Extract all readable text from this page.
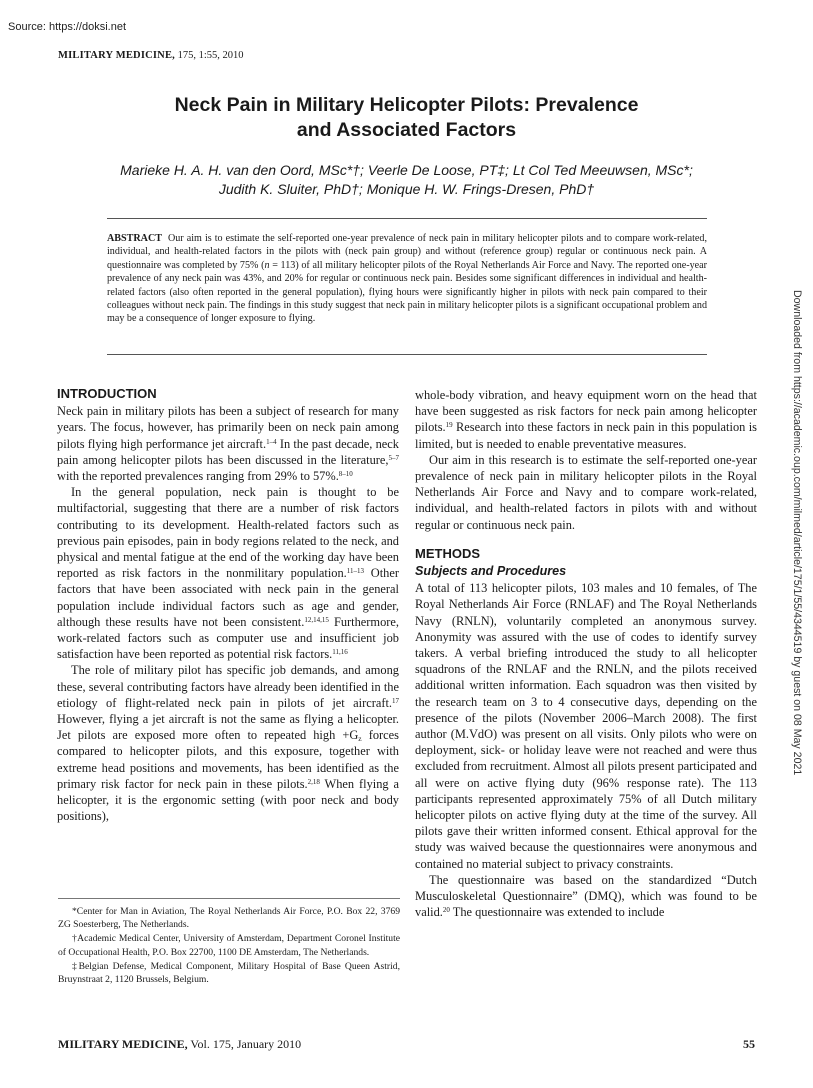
Source: https://doksi.net
MILITARY MEDICINE, 175, 1:55, 2010
Neck Pain in Military Helicopter Pilots: Prevalence
and Associated Factors
Marieke H. A. H. van den Oord, MSc*†; Veerle De Loose, PT‡; Lt Col Ted Meeuwsen, MSc*;
Judith K. Sluiter, PhD†; Monique H. W. Frings-Dresen, PhD†
ABSTRACT Our aim is to estimate the self-reported one-year prevalence of neck pain in military helicopter pilots and to compare work-related, individual, and health-related factors in the pilots with (neck pain group) and without (reference group) regular or continuous neck pain. A questionnaire was completed by 75% (n = 113) of all military helicopter pilots of the Royal Netherlands Air Force and Navy. The reported one-year prevalence of any neck pain was 43%, and 20% for regular or continuous neck pain. Besides some significant differences in individual and health-related factors (also often reported in the general population), flying hours were significantly higher in pilots with neck pain compared to their colleagues without neck pain. The findings in this study suggest that neck pain in military helicopter pilots is a significant occupational problem and may be a consequence of longer exposure to flying.	Downloaded from https://academic.oup.com/milmed/article/175/1/55/4344519 by guest on 08 May 2021
INTRODUCTION

Neck pain in military pilots has been a subject of research for many years. The focus, however, has primarily been on neck pain among pilots flying high performance jet aircraft.$^{1-4}$ In the past decade, neck pain among helicopter pilots has been discussed in the literature,$^{5-7}$ with the reported prevalences ranging from 29% to 57%.$^{8-10}$

In the general population, neck pain is thought to be multifactorial, suggesting that there are a number of risk factors contributing to its development. Health-related factors such as previous pain episodes, pain in body regions related to the neck, and physical and mental fatigue at the end of the working day have been reported as risk factors in the nonmilitary population.$^{11-13}$ Other factors that have been associated with neck pain in the general population include individual factors such as age and gender, although these results have not been consistent.$^{12,14,15}$ Furthermore, work-related factors such as computer use and insufficient job satisfaction have been reported as potential risk factors.$^{11,16}$

The role of military pilot has specific job demands, and among these, several contributing factors have already been identified in the etiology of flight-related neck pain in pilots of jet aircraft.$^{17}$ However, flying a jet aircraft is not the same as flying a helicopter. Jet pilots are exposed more often to repeated high $+G_z$ forces compared to helicopter pilots, and this exposure, together with extreme head positions and movements, has been identified as the primary risk factor for neck pain in these pilots.$^{2,18}$ When flying a helicopter, it is the ergonomic setting (with poor neck and body positions),

*Center for Man in Aviation, The Royal Netherlands Air Force, P.O. Box 22, 3769 ZG Soesterberg, The Netherlands.

†Academic Medical Center, University of Amsterdam, Department Coronel Institute of Occupational Health, P.O. Box 22700, 1100 DE Amsterdam, The Netherlands.

‡Belgian Defense, Medical Component, Military Hospital of Base Queen Astrid, Bruynstraat 2, 1120 Brussels, Belgium.

whole-body vibration, and heavy equipment worn on the head that have been suggested as risk factors for neck pain among helicopter pilots.$^{19}$ Research into these factors in neck pain in this population is limited, but is needed to enable preventative measures.

Our aim in this research is to estimate the self-reported one-year prevalence of neck pain in military helicopter pilots in the Royal Netherlands Air Force and Navy and to compare work-related, individual, and health-related factors in pilots with and without regular or continuous neck pain.

METHODS
Subjects and Procedures

A total of 113 helicopter pilots, 103 males and 10 females, of The Royal Netherlands Air Force (RNLAF) and The Royal Netherlands Navy (RNLN), voluntarily completed an anonymous survey. Anonymity was assured with the use of codes to identify survey takers. A verbal briefing introduced the study to all helicopter squadrons of the RNLAF and the RNLN, and the pilots received additional written information. Each squadron was then visited by the research team on 3 to 4 consecutive days, depending on the presence of the pilots (November 2006–March 2008). The first author (M.VdO) was present on all visits. Only pilots who were on deployment, sick- or holiday leave were not reached and were thus excluded from recruitment. Almost all pilots present participated and all were on active flying duty (96% response rate). The 113 participants represented approximately 75% of all Dutch military helicopter pilots on active flying duty at the time of the survey. All pilots gave their written informed consent. Ethical approval for the study was waived because the questionnaires were anonymous and contained no material subject to privacy constraints.

The questionnaire was based on the standardized “Dutch Musculoskeletal Questionnaire” (DMQ), which was found to be valid.$^{20}$ The questionnaire was extended to include

MILITARY MEDICINE, Vol. 175, January 2010	55
